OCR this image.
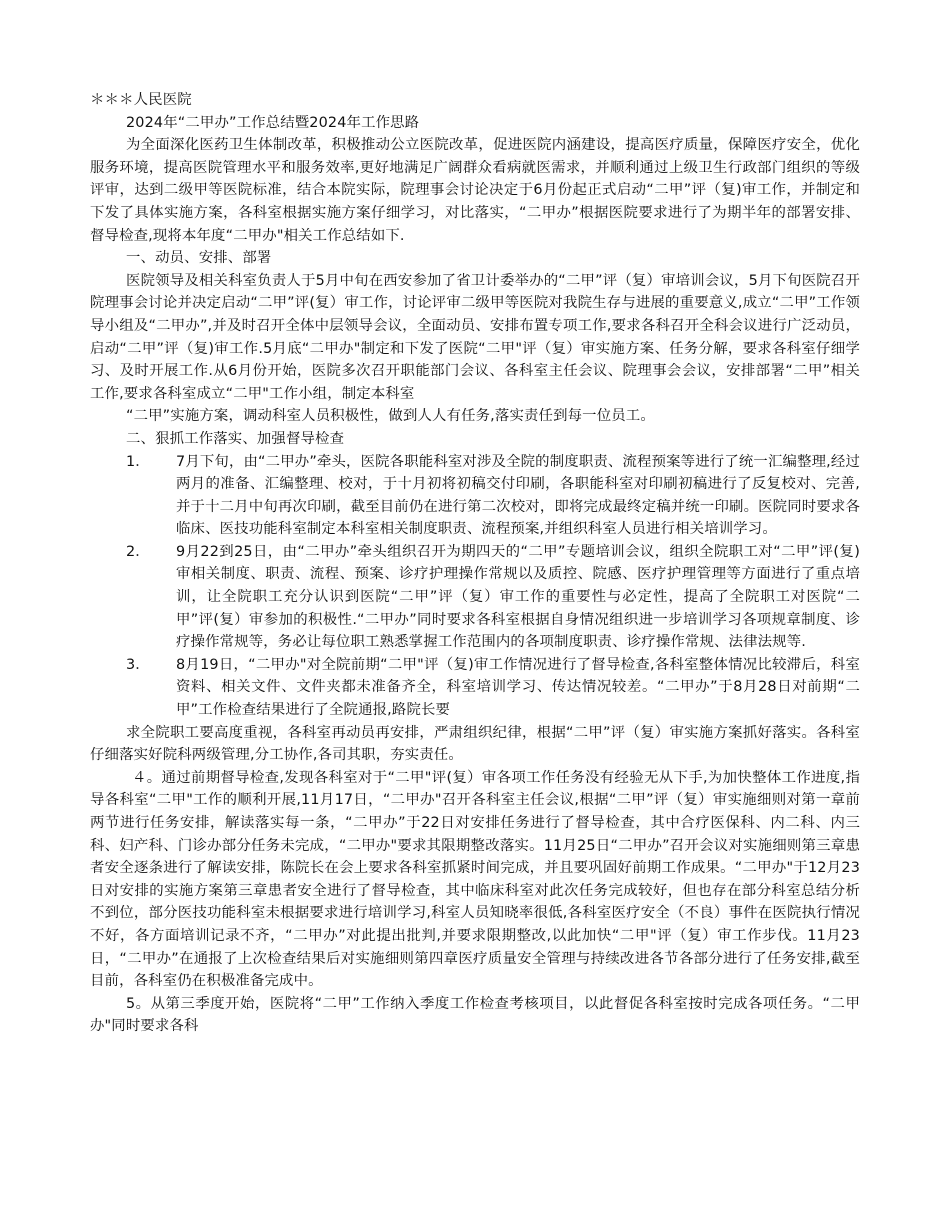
＊＊＊人民医院

2024年“二甲办”工作总结暨2024年工作思路

为全面深化医药卫生体制改革，积极推动公立医院改革，促进医院内涵建设，提高医疗质量，保障医疗安全，优化服务环境，提高医院管理水平和服务效率,更好地满足广阔群众看病就医需求，并顺利通过上级卫生行政部门组织的等级评审，达到二级甲等医院标准，结合本院实际，院理事会讨论决定于6月份起正式启动“二甲”评（复)审工作，并制定和下发了具体实施方案，各科室根据实施方案仔细学习，对比落实，“二甲办”根据医院要求进行了为期半年的部署安排、督导检查,现将本年度“二甲办"相关工作总结如下.

一、动员、安排、部署

医院领导及相关科室负责人于5月中旬在西安参加了省卫计委举办的“二甲”评（复）审培训会议，5月下旬医院召开院理事会讨论并决定启动“二甲”评(复）审工作，讨论评审二级甲等医院对我院生存与进展的重要意义,成立“二甲”工作领导小组及“二甲办”,并及时召开全体中层领导会议，全面动员、安排布置专项工作,要求各科召开全科会议进行广泛动员，启动“二甲”评（复)审工作.5月底“二甲办"制定和下发了医院“二甲"评（复）审实施方案、任务分解，要求各科室仔细学习、及时开展工作.从6月份开始，医院多次召开职能部门会议、各科室主任会议、院理事会会议，安排部署“二甲”相关工作,要求各科室成立“二甲"工作小组，制定本科室

“二甲”实施方案，调动科室人员积极性，做到人人有任务,落实责任到每一位员工。

二、狠抓工作落实、加强督导检查

1．	7月下旬，由“二甲办”牵头，医院各职能科室对涉及全院的制度职责、流程预案等进行了统一汇编整理,经过两月的准备、汇编整理、校对，于十月初将初稿交付印刷，各职能科室对印刷初稿进行了反复校对、完善,并于十二月中旬再次印刷，截至目前仍在进行第二次校对，即将完成最终定稿并统一印刷。医院同时要求各临床、医技功能科室制定本科室相关制度职责、流程预案,并组织科室人员进行相关培训学习。
2．	9月22到25日，由“二甲办”牵头组织召开为期四天的“二甲”专题培训会议，组织全院职工对“二甲”评(复)审相关制度、职责、流程、预案、诊疗护理操作常规以及质控、院感、医疗护理管理等方面进行了重点培训，让全院职工充分认识到医院“二甲”评（复）审工作的重要性与必定性，提高了全院职工对医院“二甲”评(复）审参加的积极性.“二甲办”同时要求各科室根据自身情况组织进一步培训学习各项规章制度、诊疗操作常规等，务必让每位职工熟悉掌握工作范围内的各项制度职责、诊疗操作常规、法律法规等.
3．	8月19日，“二甲办"对全院前期“二甲"评（复)审工作情况进行了督导检查,各科室整体情况比较滞后，科室资料、相关文件、文件夹都未准备齐全，科室培训学习、传达情况较差。“二甲办”于8月28日对前期“二甲”工作检查结果进行了全院通报,路院长要

求全院职工要高度重视，各科室再动员再安排，严肃组织纪律，根据“二甲”评（复）审实施方案抓好落实。各科室仔细落实好院科两级管理,分工协作,各司其职，夯实责任。

４。通过前期督导检查,发现各科室对于“二甲"评(复）审各项工作任务没有经验无从下手,为加快整体工作进度,指导各科室“二甲"工作的顺利开展,11月17日，“二甲办"召开各科室主任会议,根据“二甲”评（复）审实施细则对第一章前两节进行任务安排，解读落实每一条，“二甲办”于22日对安排任务进行了督导检查，其中合疗医保科、内二科、内三科、妇产科、门诊办部分任务未完成，“二甲办"要求其限期整改落实。11月25日“二甲办”召开会议对实施细则第三章患者安全逐条进行了解读安排，陈院长在会上要求各科室抓紧时间完成，并且要巩固好前期工作成果。“二甲办"于12月23日对安排的实施方案第三章患者安全进行了督导检查，其中临床科室对此次任务完成较好，但也存在部分科室总结分析不到位，部分医技功能科室未根据要求进行培训学习,科室人员知晓率很低,各科室医疗安全（不良）事件在医院执行情况不好，各方面培训记录不齐，“二甲办”对此提出批判,并要求限期整改,以此加快“二甲"评（复）审工作步伐。11月23日，“二甲办”在通报了上次检查结果后对实施细则第四章医疗质量安全管理与持续改进各节各部分进行了任务安排,截至目前，各科室仍在积极准备完成中。

5。从第三季度开始，医院将“二甲”工作纳入季度工作检查考核项目，以此督促各科室按时完成各项任务。“二甲办"同时要求各科
